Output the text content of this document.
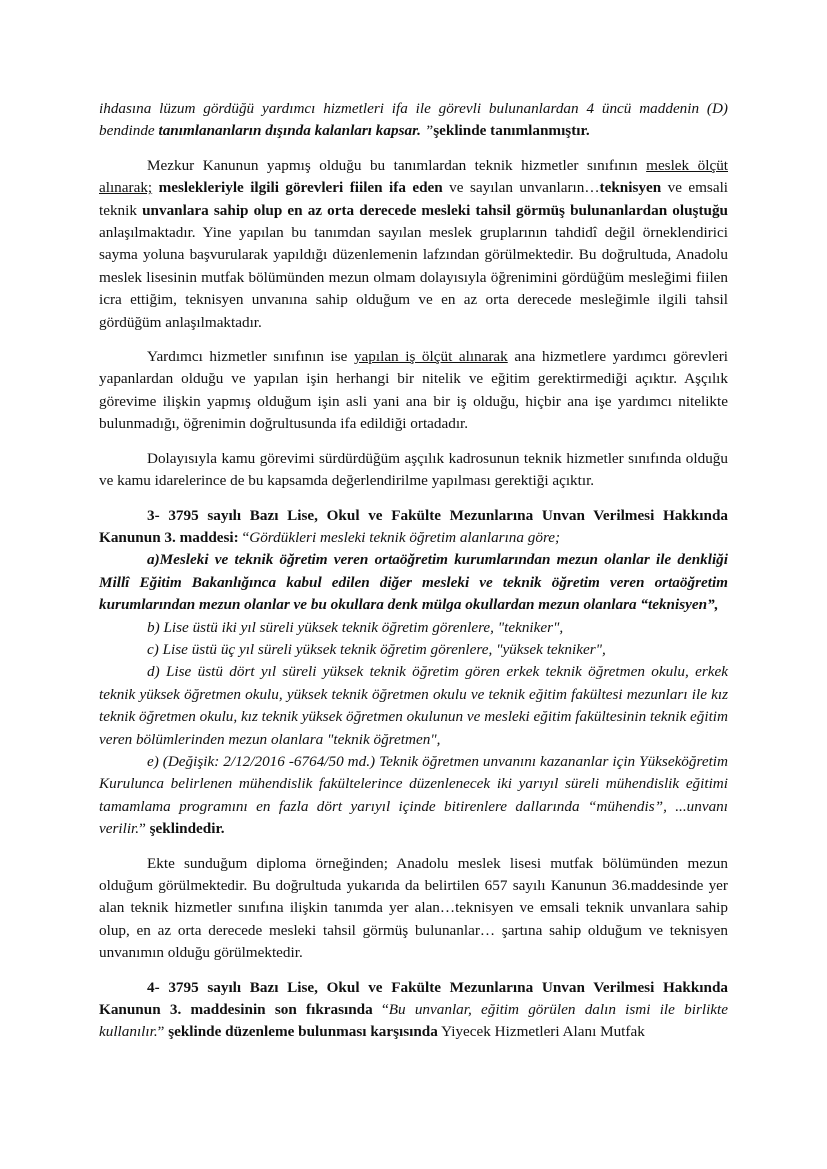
ihdasına lüzum gördüğü yardımcı hizmetleri ifa ile görevli bulunanlardan 4 üncü maddenin (D) bendinde tanımlananların dışında kalanları kapsar. ”şeklinde tanımlanmıştır.

Mezkur Kanunun yapmış olduğu bu tanımlardan teknik hizmetler sınıfının meslek ölçüt alınarak; meslekleriyle ilgili görevleri fiilen ifa eden ve sayılan unvanların…teknisyen ve emsali teknik unvanlara sahip olup en az orta derecede mesleki tahsil görmüş bulunanlardan oluştuğu anlaşılmaktadır. Yine yapılan bu tanımdan sayılan meslek gruplarının tahdidî değil örneklendirici sayma yoluna başvurularak yapıldığı düzenlemenin lafzından görülmektedir. Bu doğrultuda, Anadolu meslek lisesinin mutfak bölümünden mezun olmam dolayısıyla öğrenimini gördüğüm mesleğimi fiilen icra ettiğim, teknisyen unvanına sahip olduğum ve en az orta derecede mesleğimle ilgili tahsil gördüğüm anlaşılmaktadır.

Yardımcı hizmetler sınıfının ise yapılan iş ölçüt alınarak ana hizmetlere yardımcı görevleri yapanlardan olduğu ve yapılan işin herhangi bir nitelik ve eğitim gerektirmediği açıktır. Aşçılık görevime ilişkin yapmış olduğum işin asli yani ana bir iş olduğu, hiçbir ana işe yardımcı nitelikte bulunmadığı, öğrenimin doğrultusunda ifa edildiği ortadadır.

Dolayısıyla kamu görevimi sürdürdüğüm aşçılık kadrosunun teknik hizmetler sınıfında olduğu ve kamu idarelerince de bu kapsamda değerlendirilme yapılması gerektiği açıktır.

3- 3795 sayılı Bazı Lise, Okul ve Fakülte Mezunlarına Unvan Verilmesi Hakkında Kanunun 3. maddesi: “Gördükleri mesleki teknik öğretim alanlarına göre;

a)Mesleki ve teknik öğretim veren ortaöğretim kurumlarından mezun olanlar ile denkliği Millî Eğitim Bakanlığınca kabul edilen diğer mesleki ve teknik öğretim veren ortaöğretim kurumlarından mezun olanlar ve bu okullara denk mülga okullardan mezun olanlara “teknisyen”,

b) Lise üstü iki yıl süreli yüksek teknik öğretim görenlere, "tekniker",

c) Lise üstü üç yıl süreli yüksek teknik öğretim görenlere, "yüksek tekniker",

d) Lise üstü dört yıl süreli yüksek teknik öğretim gören erkek teknik öğretmen okulu, erkek teknik yüksek öğretmen okulu, yüksek teknik öğretmen okulu ve teknik eğitim fakültesi mezunları ile kız teknik öğretmen okulu, kız teknik yüksek öğretmen okulunun ve mesleki eğitim fakültesinin teknik eğitim veren bölümlerinden mezun olanlara "teknik öğretmen",

e) (Değişik: 2/12/2016 -6764/50 md.) Teknik öğretmen unvanını kazananlar için Yükseköğretim Kurulunca belirlenen mühendislik fakültelerince düzenlenecek iki yarıyıl süreli mühendislik eğitimi tamamlama programını en fazla dört yarıyıl içinde bitirenlere dallarında “mühendis”, ...unvanı verilir.” şeklindedir.

Ekte sunduğum diploma örneğinden; Anadolu meslek lisesi mutfak bölümünden mezun olduğum görülmektedir. Bu doğrultuda yukarıda da belirtilen 657 sayılı Kanunun 36.maddesinde yer alan teknik hizmetler sınıfına ilişkin tanımda yer alan…teknisyen ve emsali teknik unvanlara sahip olup, en az orta derecede mesleki tahsil görmüş bulunanlar… şartına sahip olduğum ve teknisyen unvanımın olduğu görülmektedir.

4- 3795 sayılı Bazı Lise, Okul ve Fakülte Mezunlarına Unvan Verilmesi Hakkında Kanunun 3. maddesinin son fıkrasında “Bu unvanlar, eğitim görülen dalın ismi ile birlikte kullanılır.” şeklinde düzenleme bulunması karşısında Yiyecek Hizmetleri Alanı Mutfak
